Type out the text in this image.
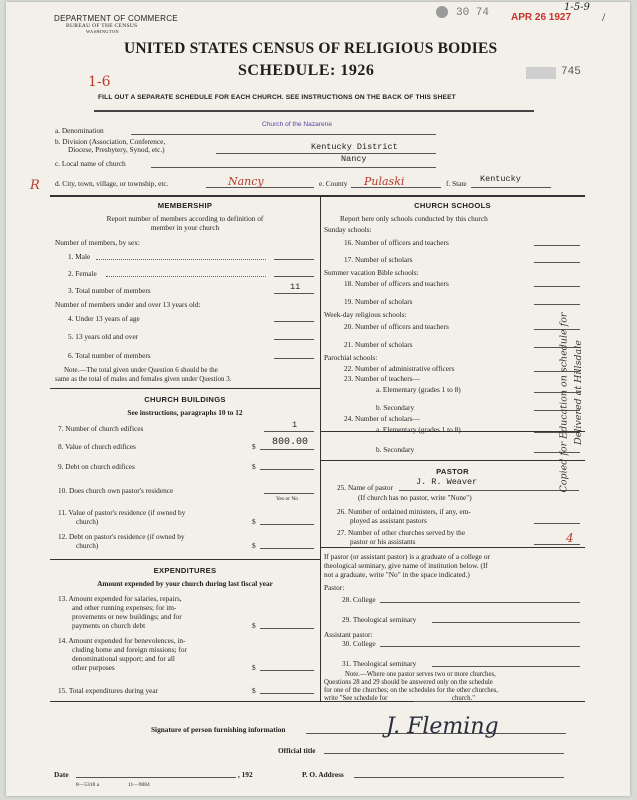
DEPARTMENT OF COMMERCE
BUREAU OF THE CENSUS
WASHINGTON
UNITED STATES CENSUS OF RELIGIOUS BODIES
SCHEDULE: 1926
FILL OUT A SEPARATE SCHEDULE FOR EACH CHURCH. SEE INSTRUCTIONS ON THE BACK OF THIS SHEET
30 74 APR 26 1927
1-5-9
/
745
1-6
R
a. Denomination
Church of the Nazarene
b. Division (Association, Conference,
Diocese, Presbytery, Synod, etc.)	Kentucky District
c. Local name of church	Nancy
d. City, town, village, or township, etc.	Nancy	e. County Pulaski	f. State Kentucky
MEMBERSHIP
Report number of members according to definition of
member in your church
Number of members, by sex:
1. Male
2. Female
3. Total number of members	11
Number of members under and over 13 years old:
4. Under 13 years of age
5. 13 years old and over
6. Total number of members
Note.—The total given under Question 6 should be the
same as the total of males and females given under Question 3.
CHURCH BUILDINGS
See instructions, paragraphs 10 to 12
7. Number of church edifices	1
8. Value of church edifices	$ 800.00
9. Debt on church edifices	$
10. Does church own pastor's residence
Yes or No
11. Value of pastor's residence (if owned by
church)	$
12. Debt on pastor's residence (if owned by
church)	$
EXPENDITURES
Amount expended by your church during last fiscal year
13. Amount expended for salaries, repairs,
and other running expenses; for im-
provements or new buildings; and for
payments on church debt	$
14. Amount expended for benevolences, in-
cluding home and foreign missions; for
denominational support; and for all
other purposes	$
15. Total expenditures during year	$
CHURCH SCHOOLS
Report here only schools conducted by this church
Sunday schools:
16. Number of officers and teachers
17. Number of scholars
Summer vacation Bible schools:
18. Number of officers and teachers
19. Number of scholars
Week-day religious schools:
20. Number of officers and teachers
21. Number of scholars
Parochial schools:
22. Number of administrative officers
23. Number of teachers—
a. Elementary (grades 1 to 8)
b. Secondary
24. Number of scholars—
a. Elementary (grades 1 to 8)
b. Secondary
PASTOR
25. Name of pastor
J. R. Weaver
(If church has no pastor, write "None")
26. Number of ordained ministers, if any, em-
ployed as assistant pastors
27. Number of other churches served by the
pastor or his assistants	4
If pastor (or assistant pastor) is a graduate of a college or
theological seminary, give name of institution below. (If
not a graduate, write "No" in the space indicated.)
Pastor:
28. College
29. Theological seminary
Assistant pastor:
30. College
31. Theological seminary
Note.—Where one pastor serves two or more churches,
Questions 28 and 29 should be answered only on the schedule
for one of the churches; on the schedules for the other churches,
write "See schedule for	church."
Signature of person furnishing information	J. Fleming
Official title
Date	, 192	P. O. Address
8—5318 a	11—9084
Copied for Education on schedule for Delivered at Hillsdale
